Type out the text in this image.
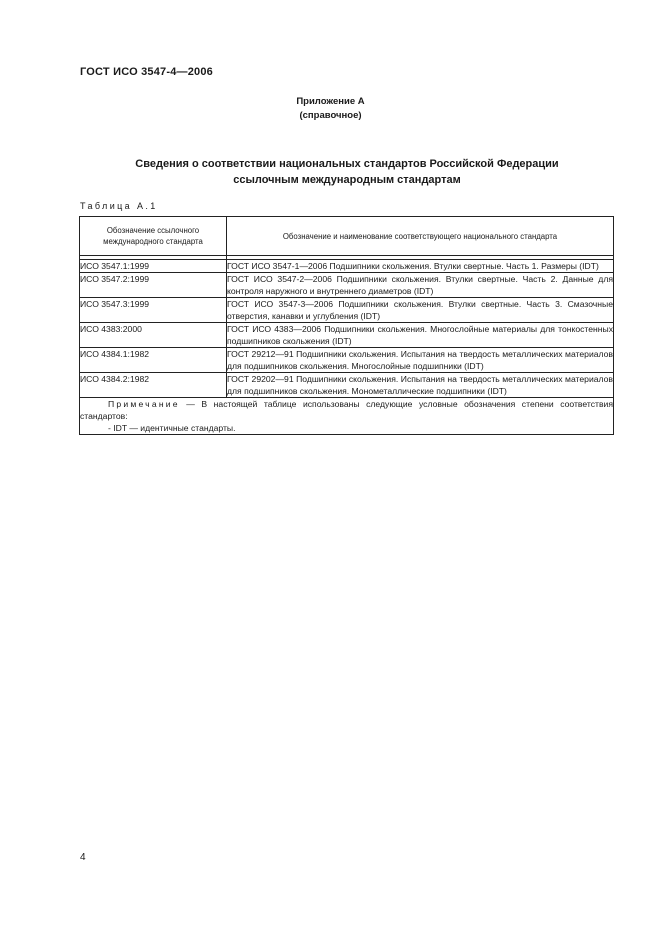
ГОСТ ИСО 3547-4—2006
Приложение А
(справочное)
Сведения о соответствии национальных стандартов Российской Федерации
ссылочным международным стандартам
Таблица А.1
Обозначение ссылочного международного стандарта	Обозначение и наименование соответствующего национального стандарта

ИСО 3547.1:1999	ГОСТ ИСО 3547-1—2006 Подшипники скольжения. Втулки свертные. Часть 1. Размеры (IDT)
ИСО 3547.2:1999	ГОСТ ИСО 3547-2—2006 Подшипники скольжения. Втулки свертные. Часть 2. Данные для контроля наружного и внутреннего диаметров (IDT)
ИСО 3547.3:1999	ГОСТ ИСО 3547-3—2006 Подшипники скольжения. Втулки свертные. Часть 3. Смазочные отверстия, канавки и углубления (IDT)
ИСО 4383:2000	ГОСТ ИСО 4383—2006 Подшипники скольжения. Многослойные материалы для тонкостенных подшипников скольжения (IDT)
ИСО 4384.1:1982	ГОСТ 29212—91 Подшипники скольжения. Испытания на твердость металлических материалов для подшипников скольжения. Многослойные подшипники (IDT)
ИСО 4384.2:1982	ГОСТ 29202—91 Подшипники скольжения. Испытания на твердость металлических материалов для подшипников скольжения. Монометаллические подшипники (IDT)

Примечание — В настоящей таблице использованы следующие условные обозначения степени соответствия стандартов:
- IDT — идентичные стандарты.	
4
